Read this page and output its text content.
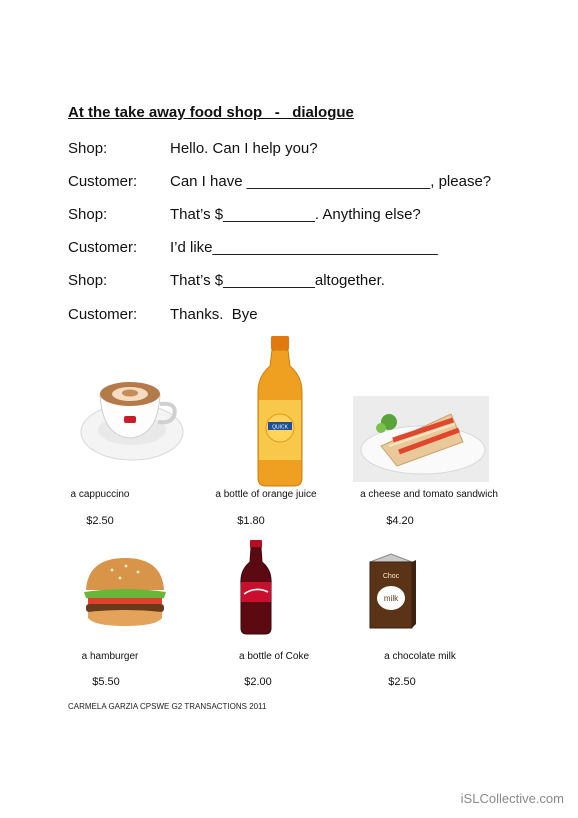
At the take away food shop   -   dialogue

Shop:

	Hello. Can I help you?

Customer:

	Can I have ______________________, please?

Shop:

	That’s $___________. Anything else?

Customer:

	I’d like___________________________

Shop:

	That’s $___________altogether.

Customer:

	Thanks.  Bye

QUICK
Choc
milk
a cappuccino
$2.50
a bottle of orange juice
$1.80
a cheese and tomato sandwich
$4.20
a hamburger
$5.50
a bottle of Coke
$2.00
a chocolate milk
$2.50
CARMELA GARZIA CPSWE G2 TRANSACTIONS 2011
iSLCollective.com
